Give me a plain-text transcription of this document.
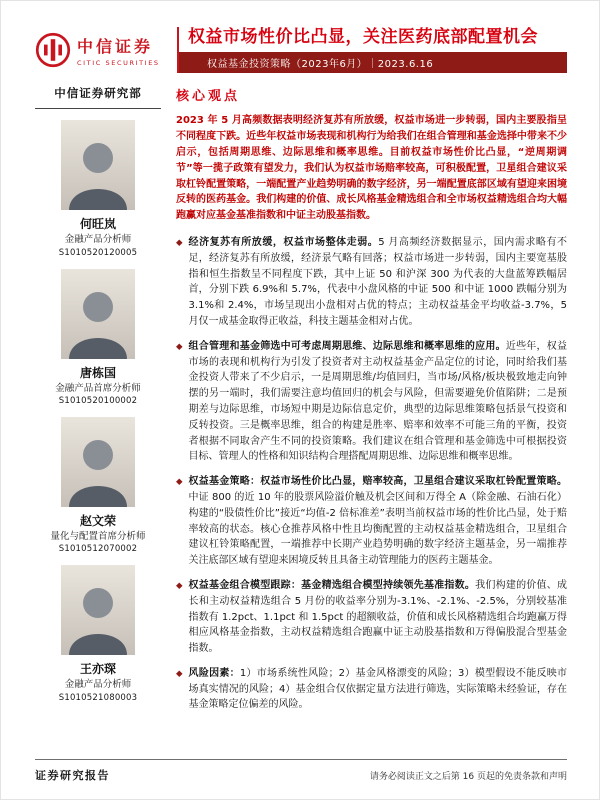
中信证券
CITIC SECURITIES
权益市场性价比凸显，关注医药底部配置机会
权益基金投资策略（2023年6月）｜2023.6.16
中信证券研究部
何旺岚
金融产品分析师
S1010520120005
唐栋国
金融产品首席分析师
S1010520100002
赵文荣
量化与配置首席分析师
S1010512070002
王亦琛
金融产品分析师
S1010521080003
核心观点

2023 年 5 月高频数据表明经济复苏有所放缓，权益市场进一步转弱，国内主要股指呈不同程度下跌。近些年权益市场表现和机构行为给我们在组合管理和基金选择中带来不少启示，包括周期思维、边际思维和概率思维。目前权益市场性价比凸显，“逆周期调节”等一揽子政策有望发力，我们认为权益市场赔率较高，可积极配置，卫星组合建议采取杠铃配置策略，一端配置产业趋势明确的数字经济，另一端配置底部区域有望迎来困境反转的医药基金。我们构建的价值、成长风格基金精选组合和全市场权益精选组合均大幅跑赢对应基金基准指数和中证主动股基指数。

◆ 经济复苏有所放缓，权益市场整体走弱。5 月高频经济数据显示，国内需求略有不足，经济复苏有所放缓，经济景气略有回落；权益市场进一步转弱，国内主要宽基股指和恒生指数呈不同程度下跌，其中上证 50 和沪深 300 为代表的大盘蓝筹跌幅居首，分别下跌 6.9%和 5.7%，代表中小盘风格的中证 500 和中证 1000 跌幅分别为 3.1%和 2.4%，市场呈现出小盘相对占优的特点；主动权益基金平均收益-3.7%，5 月仅一成基金取得正收益，科技主题基金相对占优。

◆ 组合管理和基金筛选中可考虑周期思维、边际思维和概率思维的应用。近些年，权益市场的表现和机构行为引发了投资者对主动权益基金产品定位的讨论，同时给我们基金投资人带来了不少启示，一是周期思维/均值回归，当市场/风格/板块极致地走向钟摆的另一端时，我们需要注意均值回归的机会与风险，但需要避免价值陷阱；二是预期差与边际思维，市场短中期是边际信息定价，典型的边际思维策略包括景气投资和反转投资。三是概率思维，组合的构建是胜率、赔率和效率不可能三角的平衡，投资者根据不同取舍产生不同的投资策略。我们建议在组合管理和基金筛选中可根据投资目标、管理人的性格和知识结构合理搭配周期思维、边际思维和概率思维。

◆ 权益基金策略：权益市场性价比凸显，赔率较高，卫星组合建议采取杠铃配置策略。中证 800 的近 10 年的股票风险溢价触及机会区间和万得全 A（除金融、石油石化）构建的“股债性价比”接近“均值-2 倍标准差”表明当前权益市场的性价比凸显，处于赔率较高的状态。核心仓推荐风格中性且均衡配置的主动权益基金精选组合，卫星组合建议杠铃策略配置，一端推荐中长期产业趋势明确的数字经济主题基金，另一端推荐关注底部区域有望迎来困境反转且具备主动管理能力的医药主题基金。

◆ 权益基金组合模型跟踪：基金精选组合模型持续领先基准指数。我们构建的价值、成长和主动权益精选组合 5 月份的收益率分别为-3.1%、-2.1%、-2.5%，分别较基准指数有 1.2pct、1.1pct 和 1.5pct 的超额收益，价值和成长风格精选组合均跑赢万得相应风格基金指数，主动权益精选组合跑赢中证主动股基指数和万得偏股混合型基金指数。

◆ 风险因素：1）市场系统性风险；2）基金风格漂变的风险；3）模型假设不能反映市场真实情况的风险；4）基金组合仅依据定量方法进行筛选，实际策略未经验证，存在基金策略定位偏差的风险。

证券研究报告	请务必阅读正文之后第 16 页起的免责条款和声明
